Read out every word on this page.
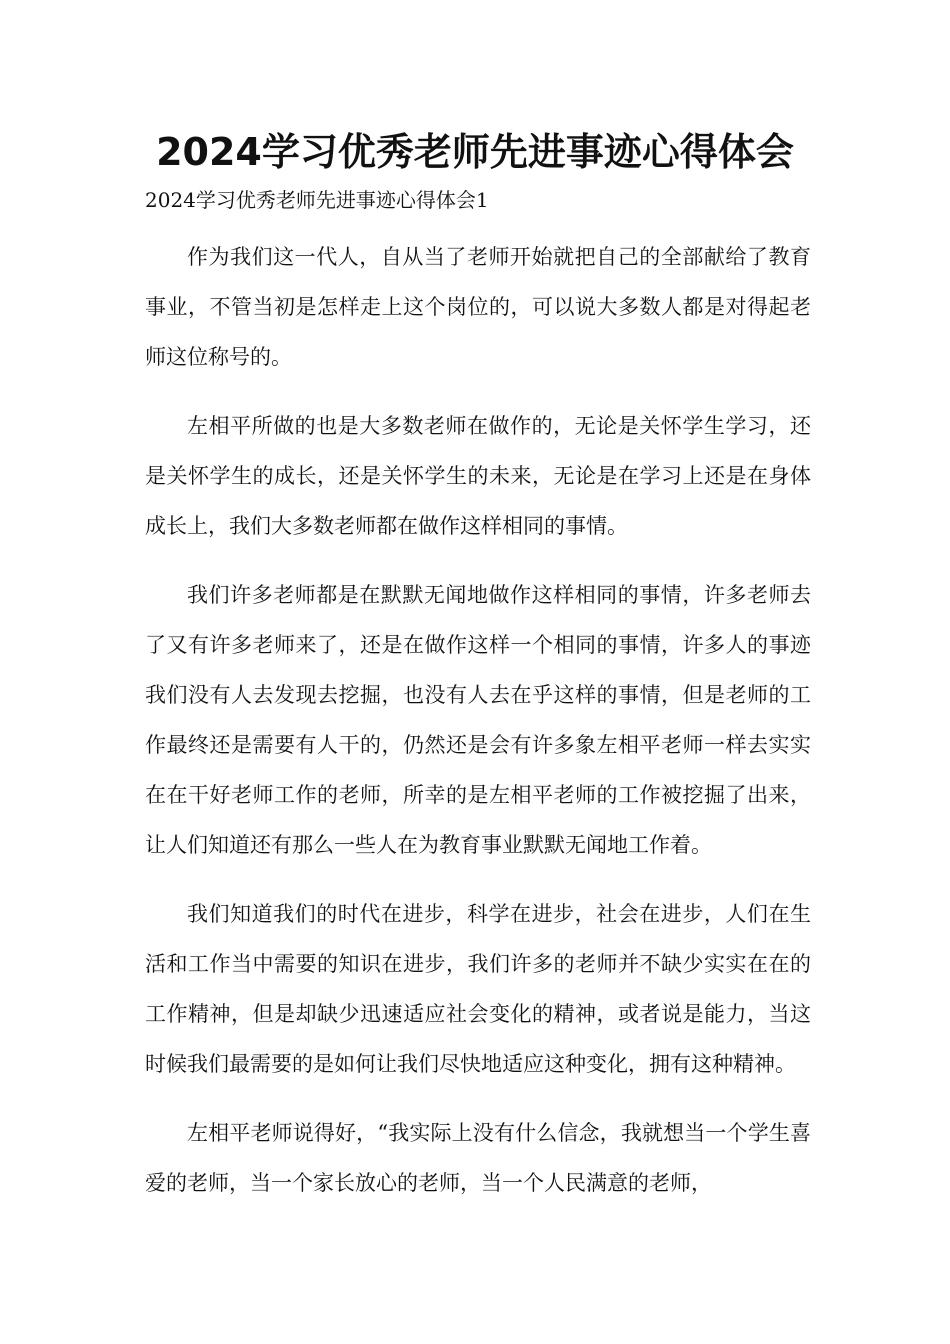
2024学习优秀老师先进事迹心得体会

2024学习优秀老师先进事迹心得体会1

作为我们这一代人，自从当了老师开始就把自己的全部献给了教育事业，不管当初是怎样走上这个岗位的，可以说大多数人都是对得起老师这位称号的。

左相平所做的也是大多数老师在做作的，无论是关怀学生学习，还是关怀学生的成长，还是关怀学生的未来，无论是在学习上还是在身体成长上，我们大多数老师都在做作这样相同的事情。

我们许多老师都是在默默无闻地做作这样相同的事情，许多老师去了又有许多老师来了，还是在做作这样一个相同的事情，许多人的事迹我们没有人去发现去挖掘，也没有人去在乎这样的事情，但是老师的工作最终还是需要有人干的，仍然还是会有许多象左相平老师一样去实实在在干好老师工作的老师，所幸的是左相平老师的工作被挖掘了出来，让人们知道还有那么一些人在为教育事业默默无闻地工作着。

我们知道我们的时代在进步，科学在进步，社会在进步，人们在生活和工作当中需要的知识在进步，我们许多的老师并不缺少实实在在的工作精神，但是却缺少迅速适应社会变化的精神，或者说是能力，当这时候我们最需要的是如何让我们尽快地适应这种变化，拥有这种精神。

左相平老师说得好，“我实际上没有什么信念，我就想当一个学生喜爱的老师，当一个家长放心的老师，当一个人民满意的老师，
